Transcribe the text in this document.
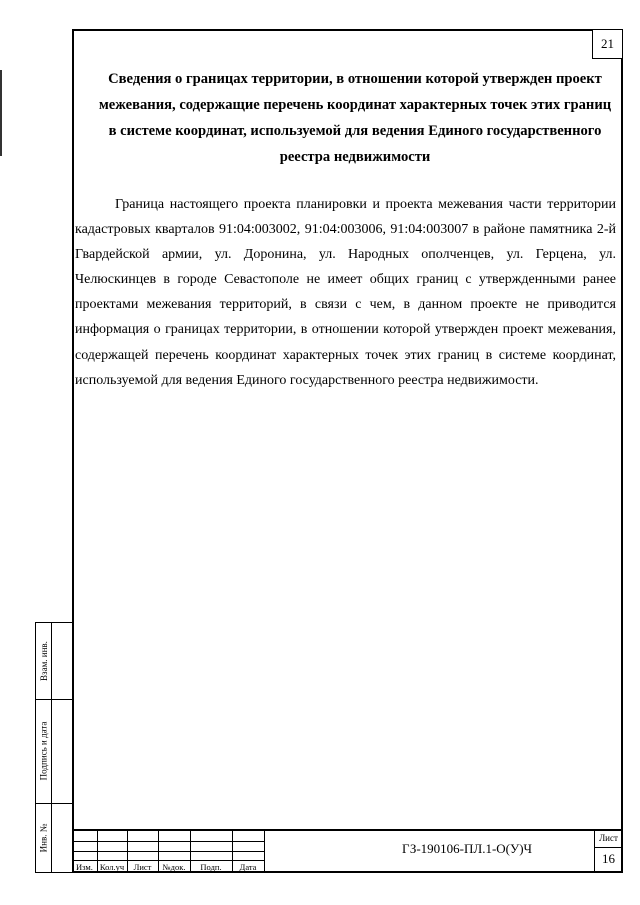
21

Сведения о границах территории, в отношении которой утвержден проект межевания, содержащие перечень координат характерных точек этих границ в системе координат, используемой для ведения Единого государственного реестра недвижимости

Граница настоящего проекта планировки и проекта межевания части территории кадастровых кварталов 91:04:003002, 91:04:003006, 91:04:003007 в районе памятника 2-й Гвардейской армии, ул. Доронина, ул. Народных ополченцев, ул. Герцена, ул. Челюскинцев в городе Севастополе не имеет общих границ с утвержденными ранее проектами межевания территорий, в связи с чем, в данном проекте не приводится информация о границах территории, в отношении которой утвержден проект межевания, содержащей перечень координат характерных точек этих границ в системе координат, используемой для ведения Единого государственного реестра недвижимости.

Взам. инв.
Подпись и дата
Инв. №
Изм. Кол.уч	Лист	№док.	Подп.	Дата
ГЗ-190106-ПЛ.1-О(У)Ч
Лист
16
